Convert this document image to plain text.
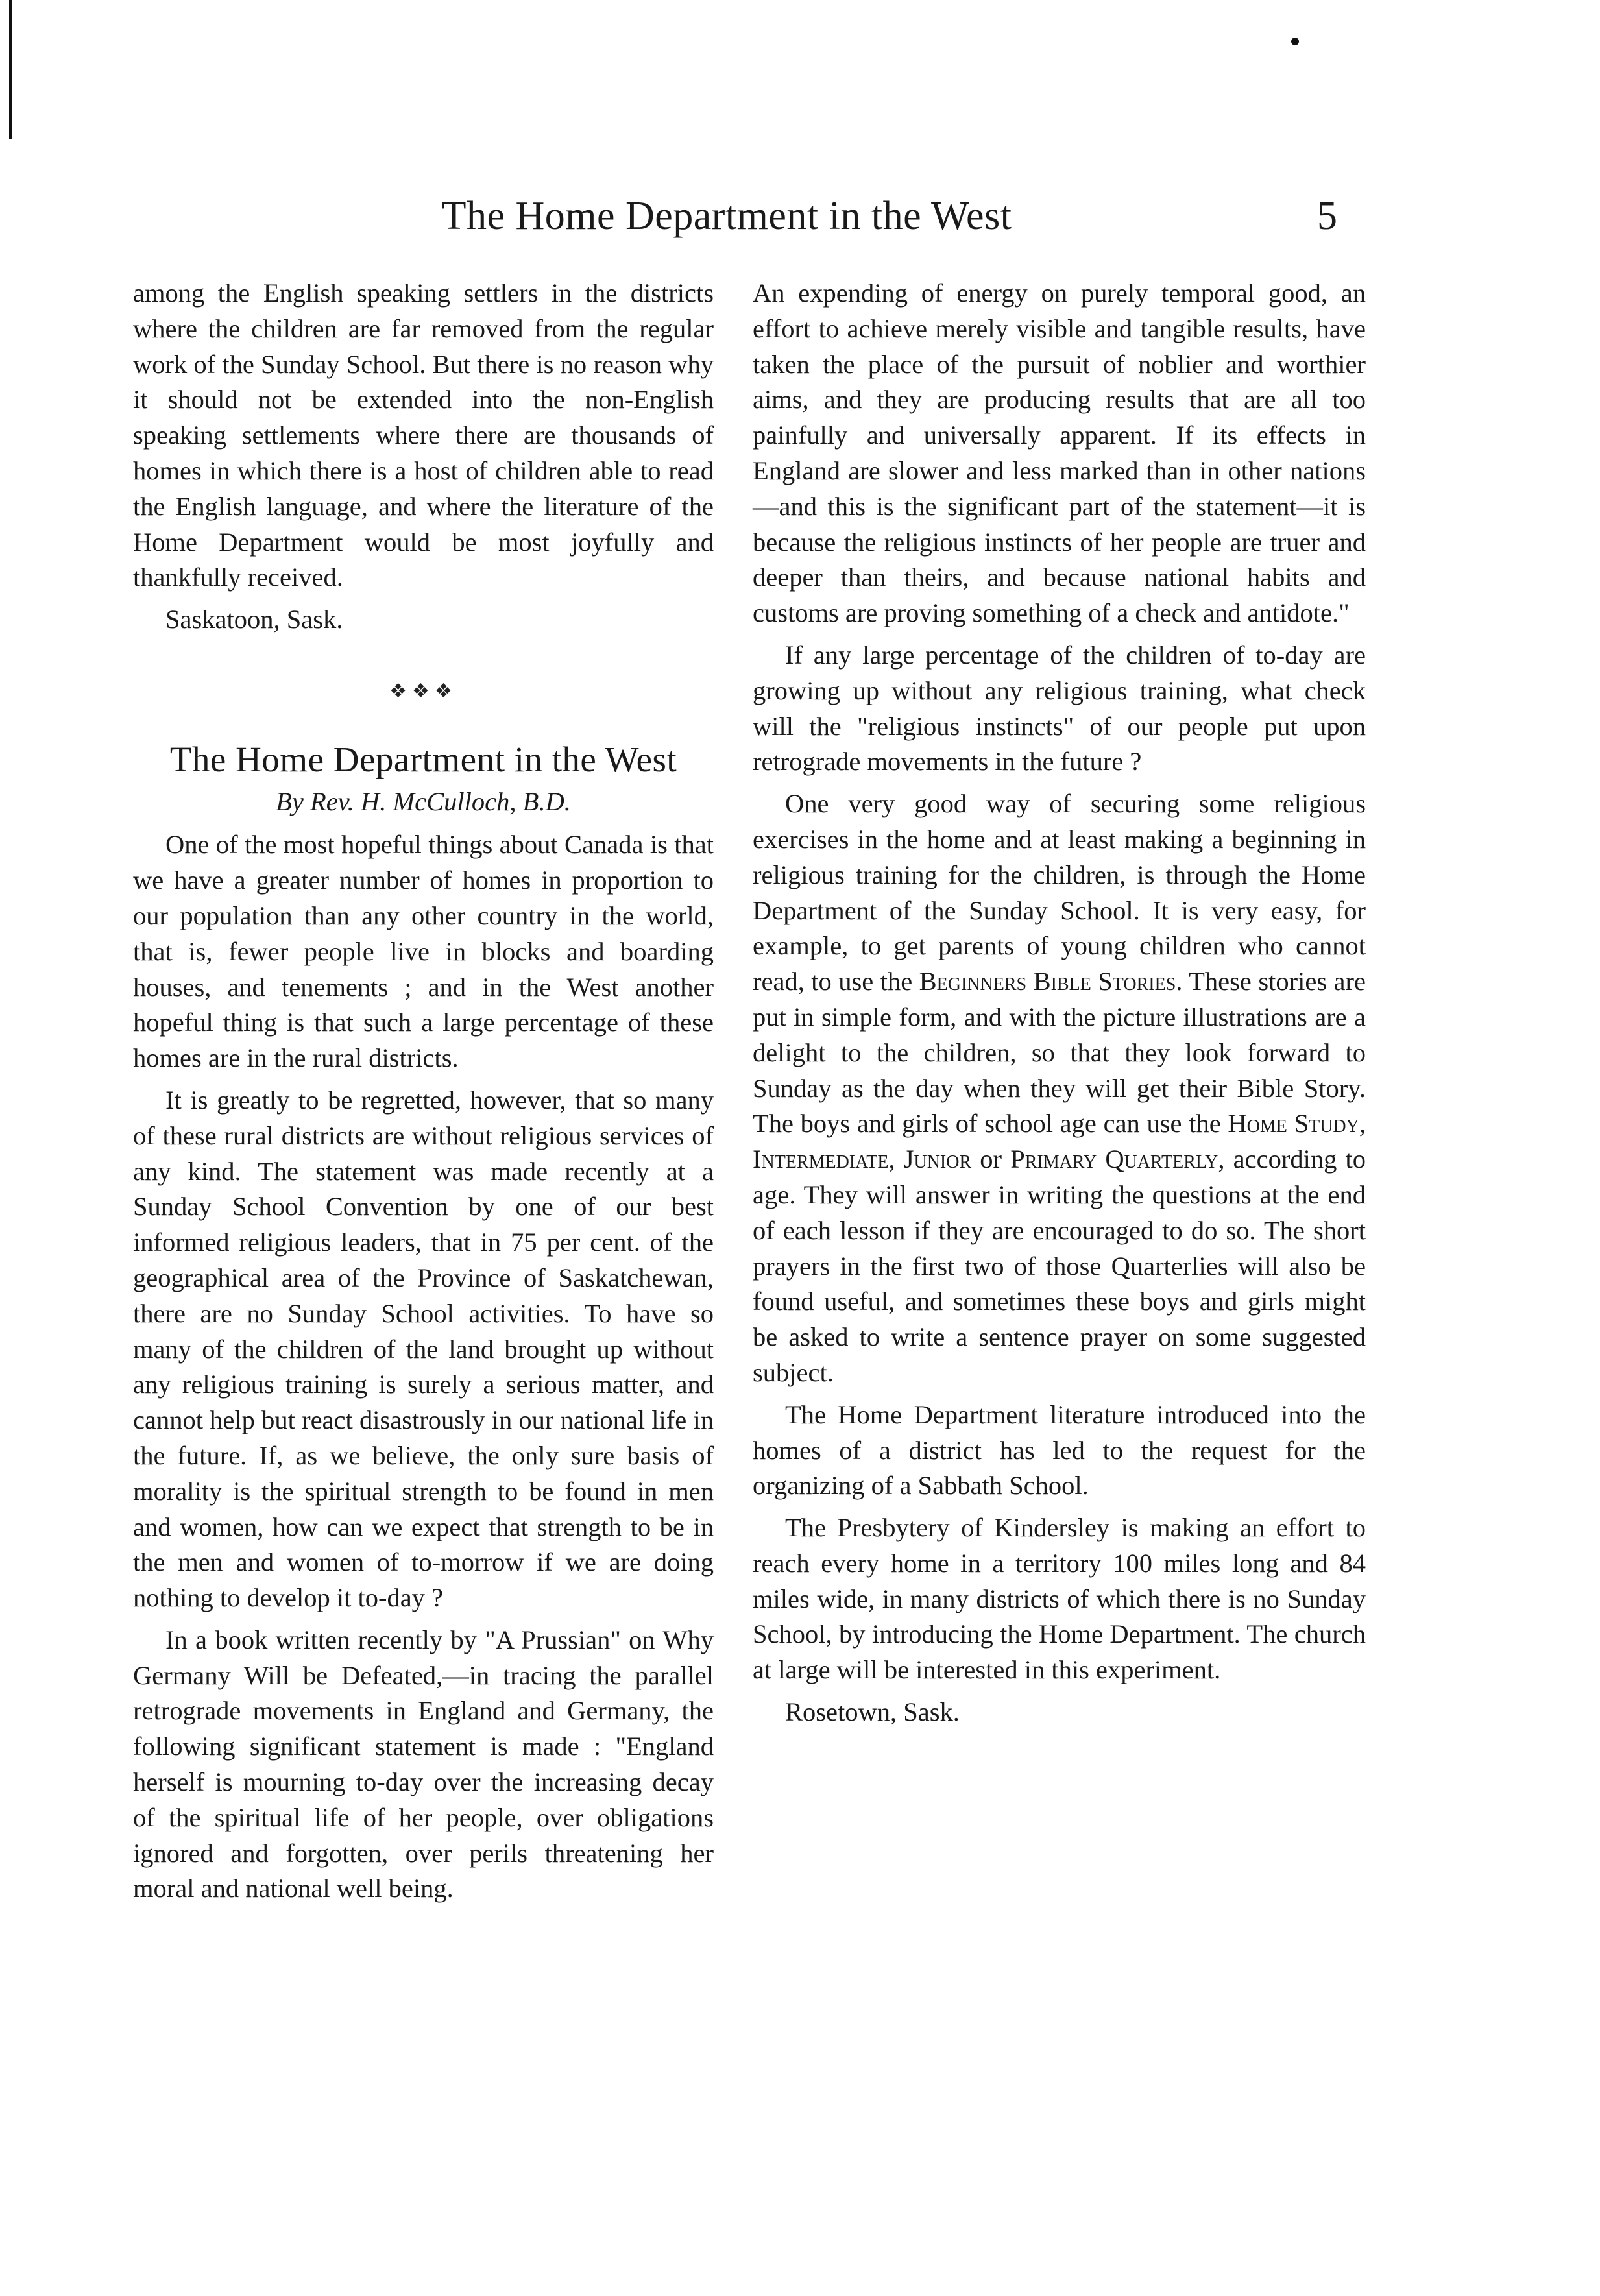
The Home Department in the West	5

among the English speaking settlers in the districts where the children are far removed from the regular work of the Sunday School. But there is no reason why it should not be extended into the non-English speaking settlements where there are thousands of homes in which there is a host of children able to read the English language, and where the literature of the Home Department would be most joyfully and thankfully received.

Saskatoon, Sask.

❖❖❖
The Home Department in the West
By Rev. H. McCulloch, B.D.

One of the most hopeful things about Canada is that we have a greater number of homes in proportion to our population than any other country in the world, that is, fewer people live in blocks and boarding houses, and tenements ; and in the West another hopeful thing is that such a large percentage of these homes are in the rural districts.

It is greatly to be regretted, however, that so many of these rural districts are without religious services of any kind. The statement was made recently at a Sunday School Convention by one of our best informed religious leaders, that in 75 per cent. of the geographical area of the Province of Saskatchewan, there are no Sunday School activities. To have so many of the children of the land brought up without any religious training is surely a serious matter, and cannot help but react disastrously in our national life in the future. If, as we believe, the only sure basis of morality is the spiritual strength to be found in men and women, how can we expect that strength to be in the men and women of to-morrow if we are doing nothing to develop it to-day ?

In a book written recently by "A Prussian" on Why Germany Will be Defeated,—in tracing the parallel retrograde movements in England and Germany, the following significant statement is made : "England herself is mourning to-day over the increasing decay of the spiritual life of her people, over obligations ignored and forgotten, over perils threatening her moral and national well being.

An expending of energy on purely temporal good, an effort to achieve merely visible and tangible results, have taken the place of the pursuit of noblier and worthier aims, and they are producing results that are all too painfully and universally apparent. If its effects in England are slower and less marked than in other nations—and this is the significant part of the statement—it is because the religious instincts of her people are truer and deeper than theirs, and because national habits and customs are proving something of a check and antidote."

If any large percentage of the children of to-day are growing up without any religious training, what check will the "religious instincts" of our people put upon retrograde movements in the future ?

One very good way of securing some religious exercises in the home and at least making a beginning in religious training for the children, is through the Home Department of the Sunday School. It is very easy, for example, to get parents of young children who cannot read, to use the Beginners Bible Stories. These stories are put in simple form, and with the picture illustrations are a delight to the children, so that they look forward to Sunday as the day when they will get their Bible Story. The boys and girls of school age can use the Home Study, Intermediate, Junior or Primary Quarterly, according to age. They will answer in writing the questions at the end of each lesson if they are encouraged to do so. The short prayers in the first two of those Quarterlies will also be found useful, and sometimes these boys and girls might be asked to write a sentence prayer on some suggested subject.

The Home Department literature introduced into the homes of a district has led to the request for the organizing of a Sabbath School.

The Presbytery of Kindersley is making an effort to reach every home in a territory 100 miles long and 84 miles wide, in many districts of which there is no Sunday School, by introducing the Home Department. The church at large will be interested in this experiment.

Rosetown, Sask.
